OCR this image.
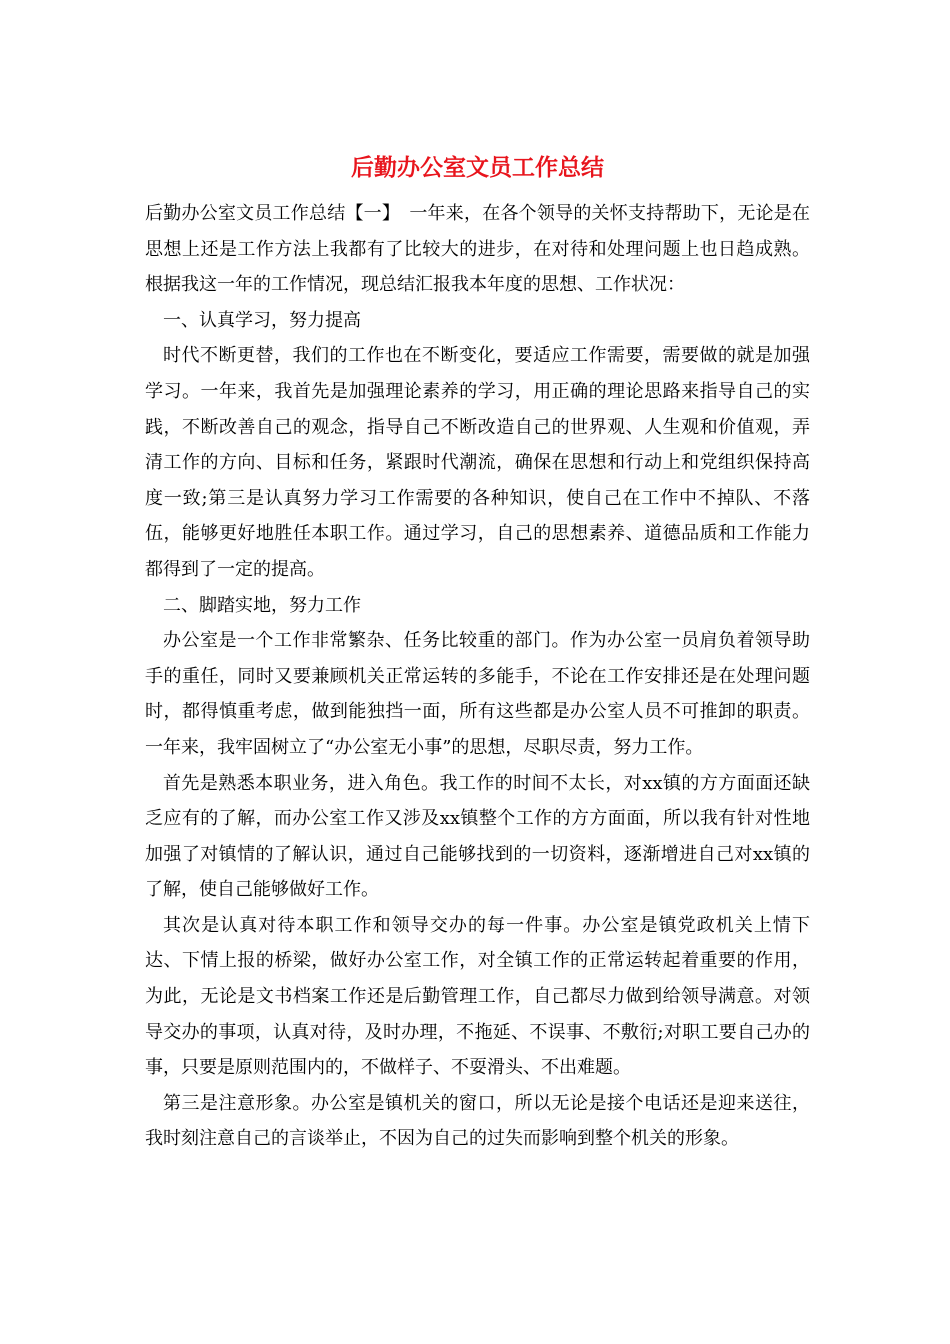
后勤办公室文员工作总结

后勤办公室文员工作总结【一】　一年来，在各个领导的关怀支持帮助下，无论是在思想上还是工作方法上我都有了比较大的进步，在对待和处理问题上也日趋成熟。根据我这一年的工作情况，现总结汇报我本年度的思想、工作状况：

一、认真学习，努力提高

时代不断更替，我们的工作也在不断变化，要适应工作需要，需要做的就是加强学习。一年来，我首先是加强理论素养的学习，用正确的理论思路来指导自己的实践，不断改善自己的观念，指导自己不断改造自己的世界观、人生观和价值观，弄清工作的方向、目标和任务，紧跟时代潮流，确保在思想和行动上和党组织保持高度一致;第三是认真努力学习工作需要的各种知识，使自己在工作中不掉队、不落伍，能够更好地胜任本职工作。通过学习，自己的思想素养、道德品质和工作能力都得到了一定的提高。

二、脚踏实地，努力工作

办公室是一个工作非常繁杂、任务比较重的部门。作为办公室一员肩负着领导助手的重任，同时又要兼顾机关正常运转的多能手，不论在工作安排还是在处理问题时，都得慎重考虑，做到能独挡一面，所有这些都是办公室人员不可推卸的职责。一年来，我牢固树立了“办公室无小事”的思想，尽职尽责，努力工作。

首先是熟悉本职业务，进入角色。我工作的时间不太长，对xx镇的方方面面还缺乏应有的了解，而办公室工作又涉及xx镇整个工作的方方面面，所以我有针对性地加强了对镇情的了解认识，通过自己能够找到的一切资料，逐渐增进自己对xx镇的了解，使自己能够做好工作。

其次是认真对待本职工作和领导交办的每一件事。办公室是镇党政机关上情下达、下情上报的桥梁，做好办公室工作，对全镇工作的正常运转起着重要的作用，为此，无论是文书档案工作还是后勤管理工作，自己都尽力做到给领导满意。对领导交办的事项，认真对待，及时办理，不拖延、不误事、不敷衍;对职工要自己办的事，只要是原则范围内的，不做样子、不耍滑头、不出难题。

第三是注意形象。办公室是镇机关的窗口，所以无论是接个电话还是迎来送往，我时刻注意自己的言谈举止，不因为自己的过失而影响到整个机关的形象。
